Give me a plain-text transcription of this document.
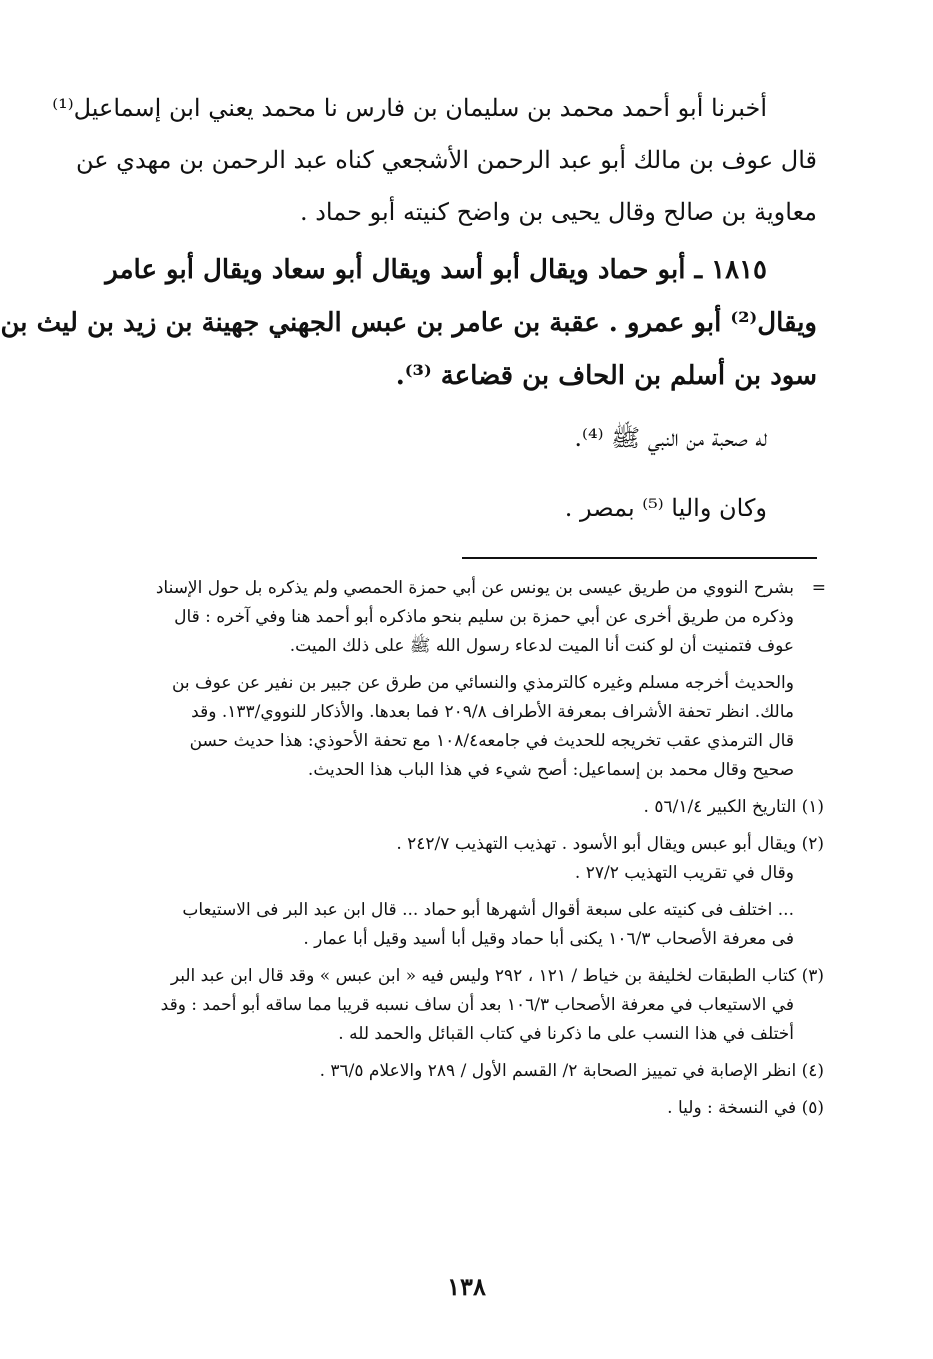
أخبرنا أبو أحمد محمد بن سليمان بن فارس نا محمد يعني ابن إسماعيل⁽¹⁾
قال عوف بن مالك أبو عبد الرحمن الأشجعي كناه عبد الرحمن بن مهدي عن
معاوية بن صالح وقال يحيى بن واضح كنيته أبو حماد .
١٨١٥ ـ أبو حماد ويقال أبو أسد ويقال أبو سعاد ويقال أبو عامر
ويقال⁽²⁾ أبو عمرو . عقبة بن عامر بن عبس الجهني جهينة بن زيد بن ليث بن
سود بن أسلم بن الحاف بن قضاعة ⁽³⁾.
له صحبة من النبي ﷺ ⁽⁴⁾.
وكان واليا ⁽⁵⁾ بمصر .
=
بشرح النووي من طريق عيسى بن يونس عن أبي حمزة الحمصي ولم يذكره بل حول الإسناد
وذكره من طريق أخرى عن أبي حمزة بن سليم بنحو ماذكره أبو أحمد هنا وفي آخره : قال
عوف فتمنيت أن لو كنت أنا الميت لدعاء رسول الله ﷺ على ذلك الميت.
والحديث أخرجه مسلم وغيره كالترمذي والنسائي من طرق عن جبير بن نفير عن عوف بن
مالك. انظر تحفة الأشراف بمعرفة الأطراف ٢٠٩/٨ فما بعدها. والأذكار للنووي/١٣٣. وقد
قال الترمذي عقب تخريجه للحديث في جامعه١٠٨/٤ مع تحفة الأحوذي: هذا حديث حسن
صحيح وقال محمد بن إسماعيل: أصح شيء في هذا الباب هذا الحديث.
(١) التاريخ الكبير ٥٦/١/٤ .
(٢) ويقال أبو عبس ويقال أبو الأسود . تهذيب التهذيب ٢٤٢/٧ .
وقال في تقريب التهذيب ٢٧/٢ .
... اختلف فى كنيته على سبعة أقوال أشهرها أبو حماد ... قال ابن عبد البر فى الاستيعاب
فى معرفة الأصحاب ١٠٦/٣ يكنى أبا حماد وقيل أبا أسيد وقيل أبا عمار .
(٣) كتاب الطبقات لخليفة بن خياط / ١٢١ ، ٢٩٢ وليس فيه « ابن عبس » وقد قال ابن عبد البر
في الاستيعاب في معرفة الأصحاب ١٠٦/٣ بعد أن ساف نسبه قريبا مما ساقه أبو أحمد : وقد
أختلف في هذا النسب على ما ذكرنا في كتاب القبائل والحمد لله .
(٤) انظر الإصابة في تمييز الصحابة ٢/ القسم الأول / ٢٨٩ والاعلام ٣٦/٥ .
(٥) في النسخة : وليا .
١٣٨
